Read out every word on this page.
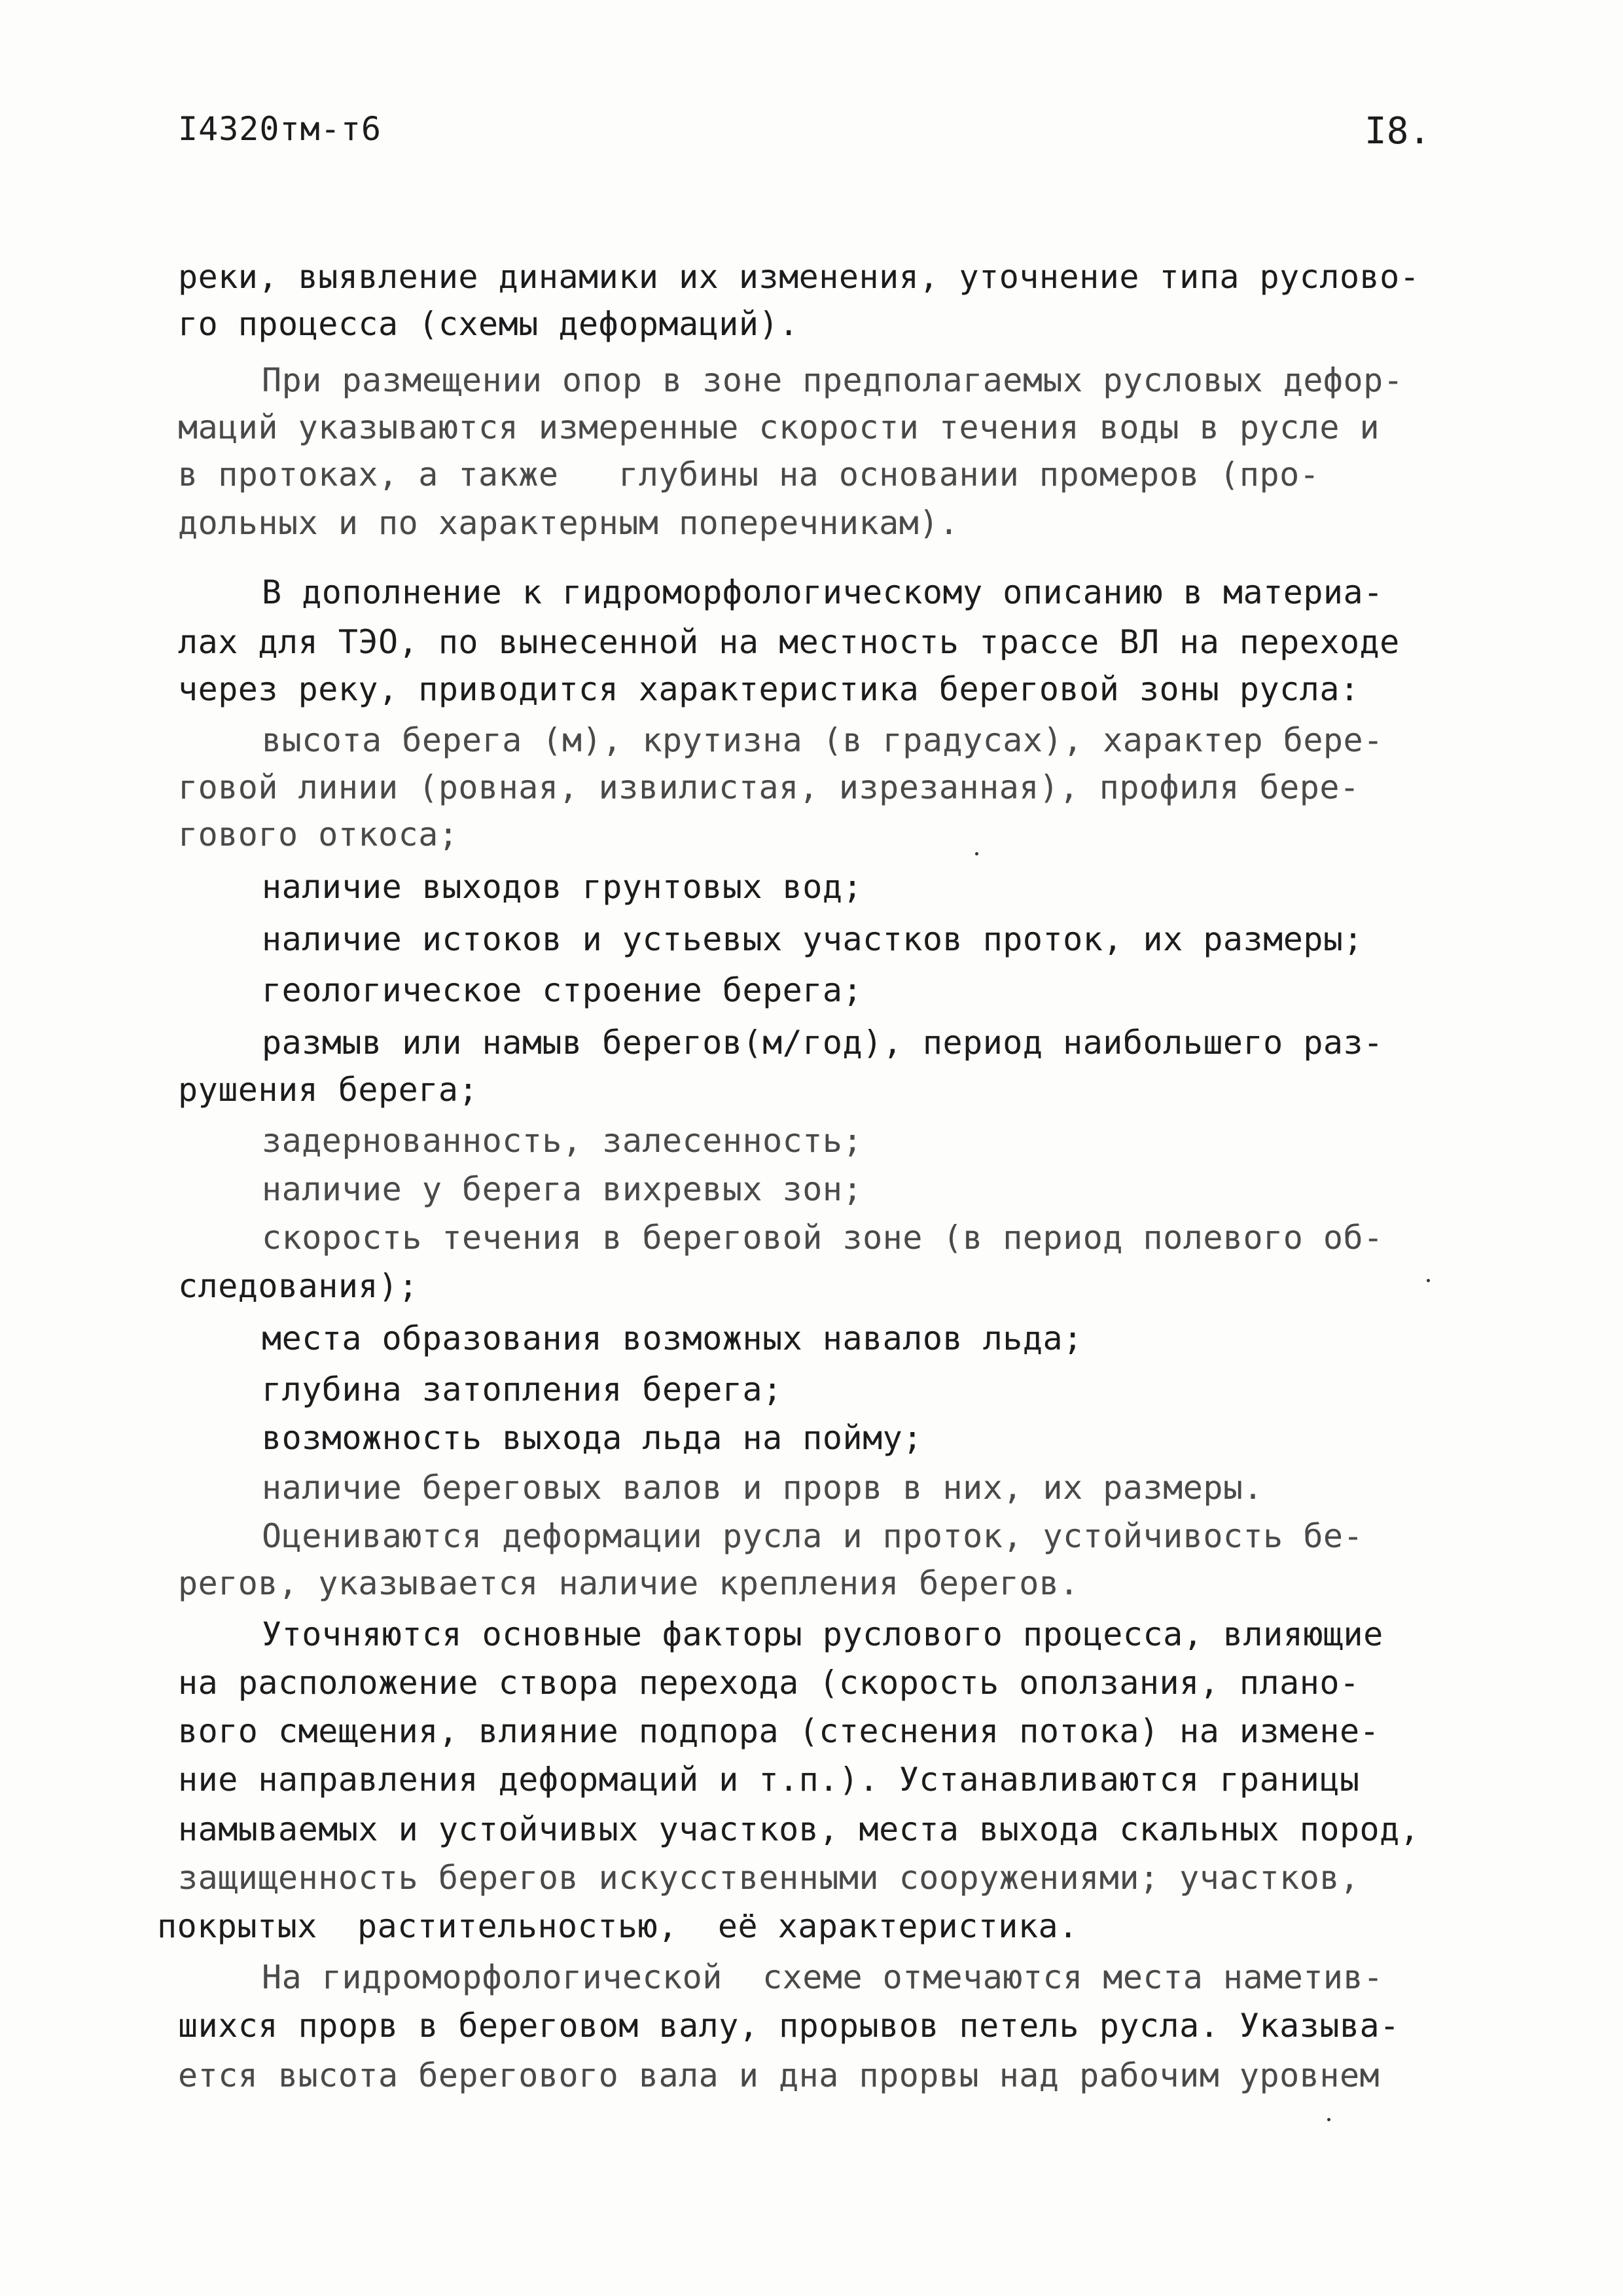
I4320тм-т6	I8.
реки, выявление динамики их изменения, уточнение типа руслово-
го процесса (схемы деформаций).
При размещении опор в зоне предполагаемых русловых дефор-
маций указываются измеренные скорости течения воды в русле и
в протоках, а также   глубины на основании промеров (про-
дольных и по характерным поперечникам).
В дополнение к гидроморфологическому описанию в материа-
лах для ТЭО, по вынесенной на местность трассе ВЛ на переходе
через реку, приводится характеристика береговой зоны русла:
высота берега (м), крутизна (в градусах), характер бере-
говой линии (ровная, извилистая, изрезанная), профиля бере-
гового откоса;
наличие выходов грунтовых вод;
наличие истоков и устьевых участков проток, их размеры;
геологическое строение берега;
размыв или намыв берегов(м/год), период наибольшего раз-
рушения берега;
задернованность, залесенность;
наличие у берега вихревых зон;
скорость течения в береговой зоне (в период полевого об-
следования);
места образования возможных навалов льда;
глубина затопления берега;
возможность выхода льда на пойму;
наличие береговых валов и прорв в них, их размеры.
Оцениваются деформации русла и проток, устойчивость бе-
регов, указывается наличие крепления берегов.
Уточняются основные факторы руслового процесса, влияющие
на расположение створа перехода (скорость оползания, плано-
вого смещения, влияние подпора (стеснения потока) на измене-
ние направления деформаций и т.п.). Устанавливаются границы
намываемых и устойчивых участков, места выхода скальных пород,
защищенность берегов искусственными сооружениями; участков,
покрытых  растительностью,  её характеристика.
На гидроморфологической  схеме отмечаются места наметив-
шихся прорв в береговом валу, прорывов петель русла. Указыва-
ется высота берегового вала и дна прорвы над рабочим уровнем
